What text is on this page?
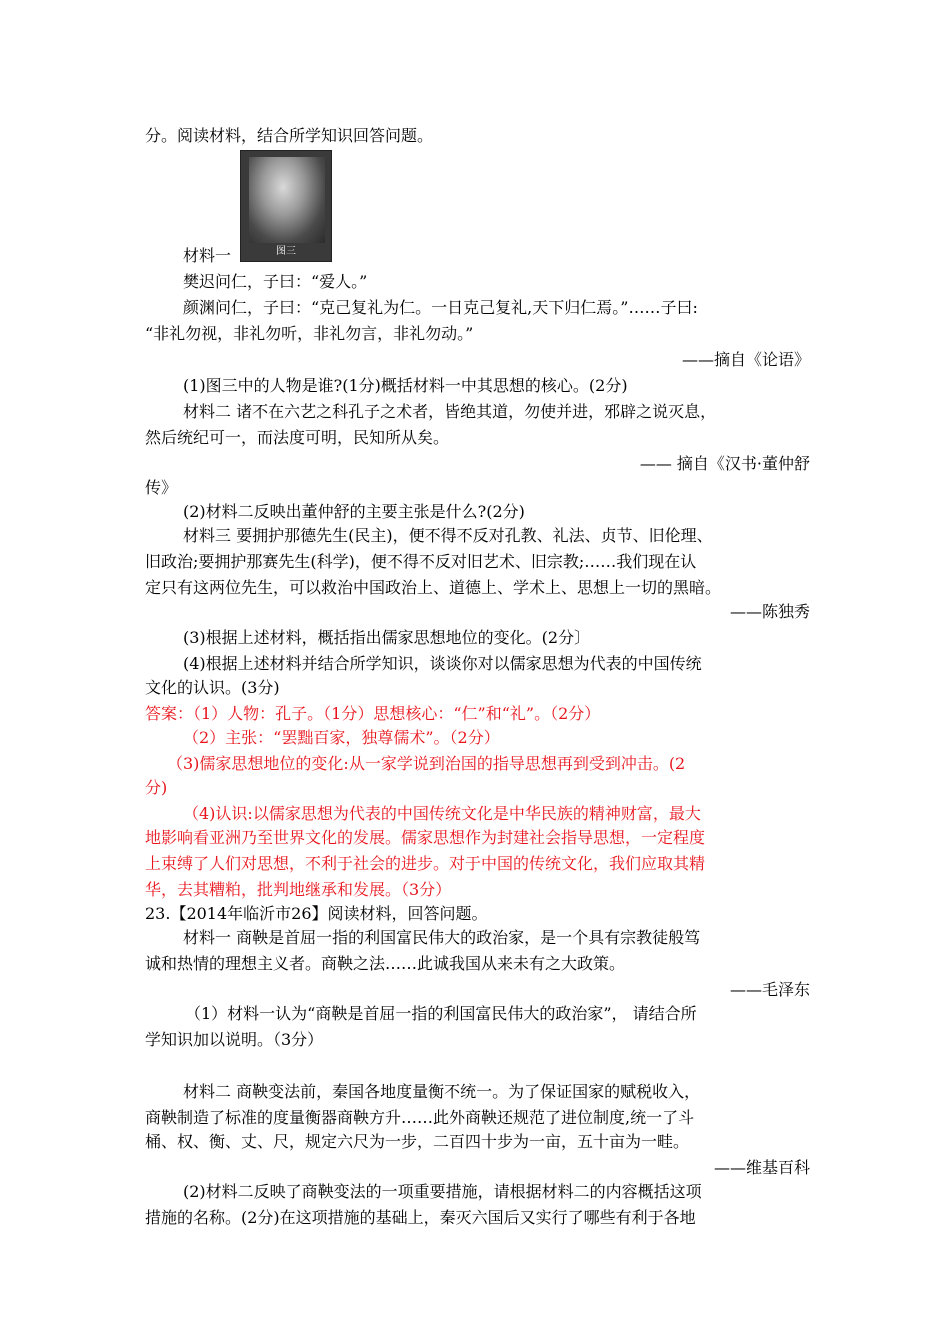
分。阅读材料，结合所学知识回答问题。
图三
材料一
樊迟问仁，子曰：“爱人。”
颜渊问仁，子曰：“克己复礼为仁。一日克己复礼,天下归仁焉。”……子曰:
“非礼勿视，非礼勿听，非礼勿言，非礼勿动。”
——摘自《论语》
(1)图三中的人物是谁?(1分)概括材料一中其思想的核心。(2分)
材料二 诸不在六艺之科孔子之术者，皆绝其道，勿使并进，邪辟之说灭息，
然后统纪可一，而法度可明，民知所从矣。
—— 摘自《汉书·董仲舒
传》
(2)材料二反映出董仲舒的主要主张是什么?(2分)
材料三 要拥护那德先生(民主)，便不得不反对孔教、礼法、贞节、旧伦理、
旧政治;要拥护那赛先生(科学)，便不得不反对旧艺术、旧宗教;……我们现在认
定只有这两位先生，可以救治中国政治上、道德上、学术上、思想上一切的黑暗。
——陈独秀
(3)根据上述材料，概括指出儒家思想地位的变化。(2分〕
(4)根据上述材料并结合所学知识，谈谈你对以儒家思想为代表的中国传统
文化的认识。(3分)
答案：（1）人物：孔子。（1分）思想核心：“仁”和“礼”。（2分）
（2）主张：“罢黜百家，独尊儒术”。（2分）
（3)儒家思想地位的变化:从一家学说到治国的指导思想再到受到冲击。(2
分)
（4)认识:以儒家思想为代表的中国传统文化是中华民族的精神财富，最大
地影响看亚洲乃至世界文化的发展。儒家思想作为封建社会指导思想，一定程度
上束缚了人们对思想，不利于社会的进步。对于中国的传统文化，我们应取其精
华，去其糟粕，批判地继承和发展。（3分）
23.【2014年临沂市26】阅读材料，回答问题。
材料一 商鞅是首屈一指的利国富民伟大的政治家，是一个具有宗教徒般笃
诚和热情的理想主义者。商鞅之法……此诚我国从来未有之大政策。
——毛泽东
（1）材料一认为“商鞅是首屈一指的利国富民伟大的政治家”， 请结合所
学知识加以说明。（3分）
材料二 商鞅变法前，秦国各地度量衡不统一。为了保证国家的赋税收入，
商鞅制造了标准的度量衡器商鞅方升……此外商鞅还规范了进位制度,统一了斗
桶、权、衡、丈、尺，规定六尺为一步，二百四十步为一亩，五十亩为一畦。
——维基百科
(2)材料二反映了商鞅变法的一项重要措施，请根据材料二的内容概括这项
措施的名称。(2分)在这项措施的基础上，秦灭六国后又实行了哪些有利于各地
